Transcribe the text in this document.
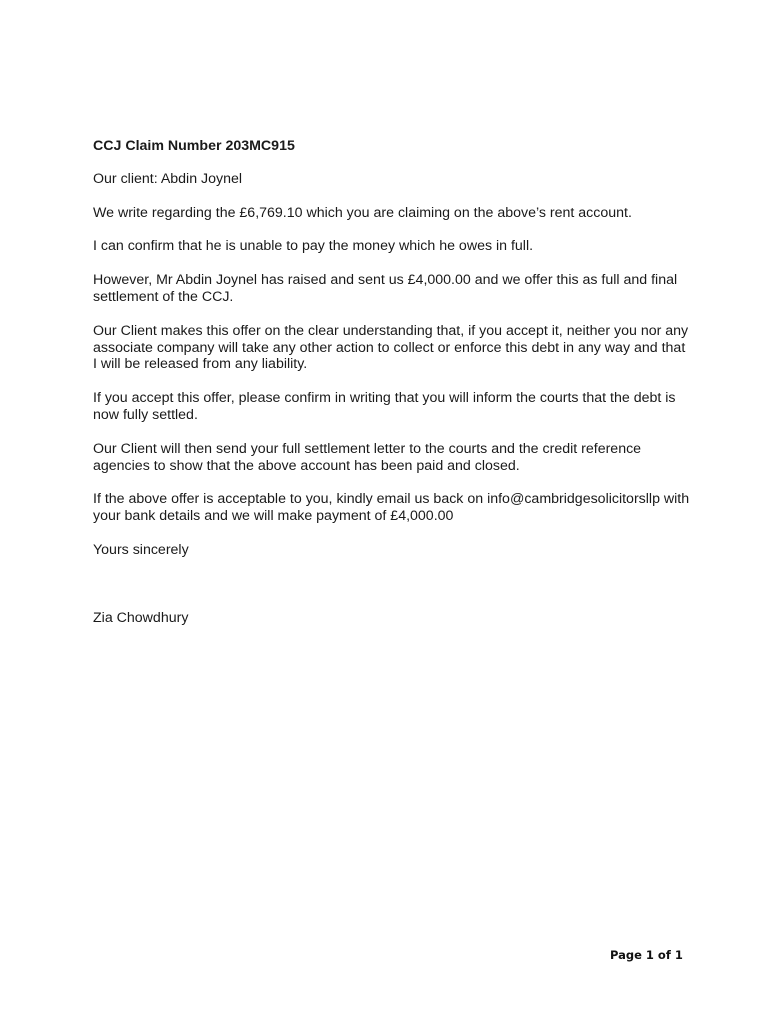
CCJ Claim Number 203MC915

Our client: Abdin Joynel

We write regarding the £6,769.10 which you are claiming on the above’s rent account.

I can confirm that he is unable to pay the money which he owes in full.

However, Mr Abdin Joynel has raised and sent us £4,000.00 and we offer this as full and final settlement of the CCJ.

Our Client makes this offer on the clear understanding that, if you accept it, neither you nor any associate company will take any other action to collect or enforce this debt in any way and that I will be released from any liability.

If you accept this offer, please confirm in writing that you will inform the courts that the debt is now fully settled.

Our Client will then send your full settlement letter to the courts and the credit reference agencies to show that the above account has been paid and closed.

If the above offer is acceptable to you, kindly email us back on info@cambridgesolicitorsllp with your bank details and we will make payment of £4,000.00

Yours sincerely

Zia Chowdhury

Page 1 of 1
